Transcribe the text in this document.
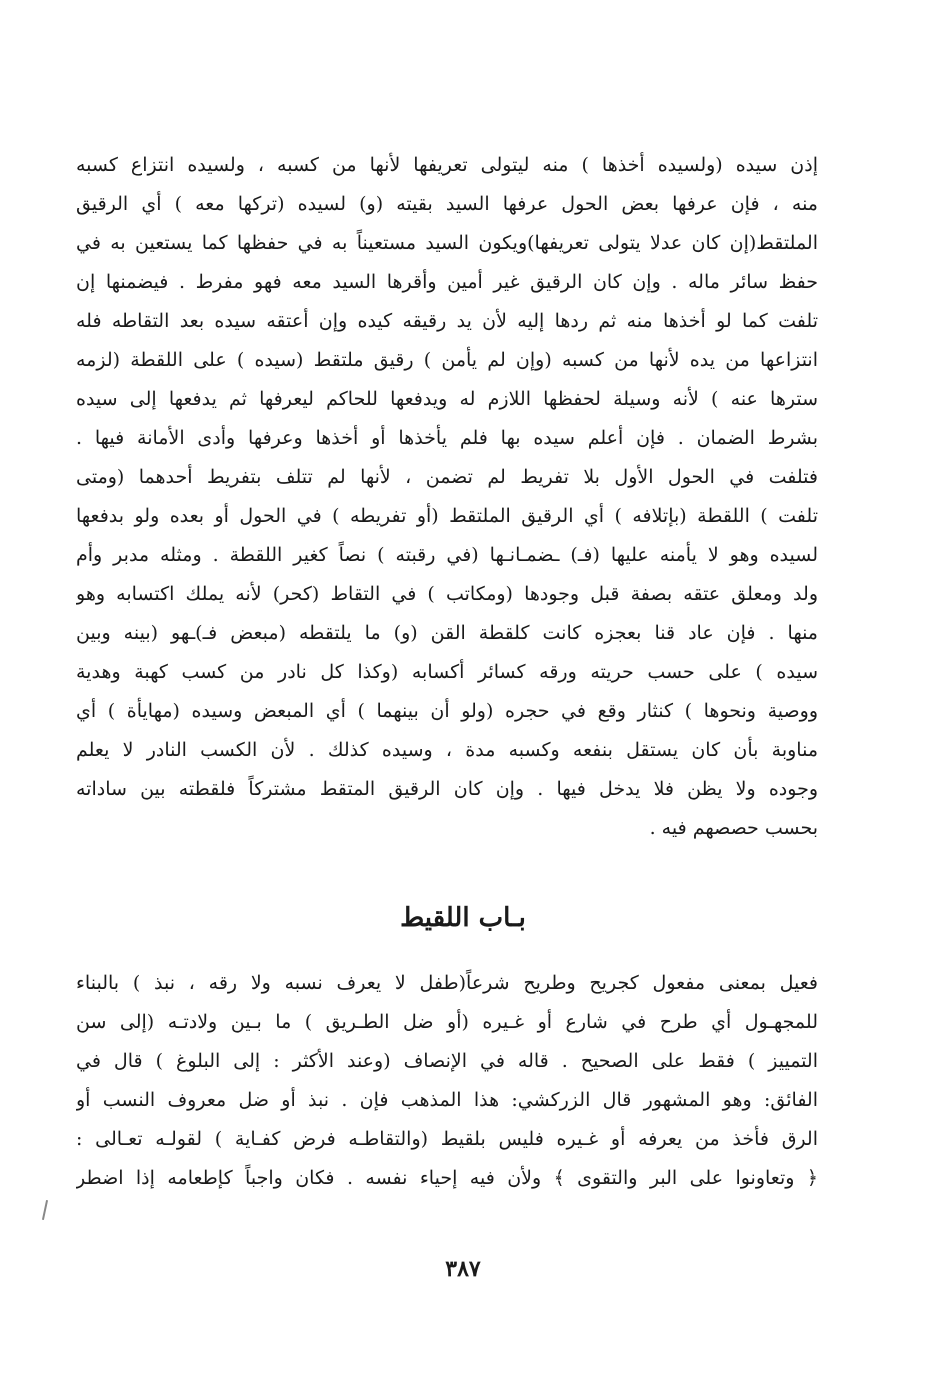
إذن سيده (ولسيده أخذها ) منه ليتولى تعريفها لأنها من كسبه ، ولسيده انتزاع كسبه
منه ، فإن عرفها بعض الحول عرفها السيد بقيته (و) لسيده (تركها معه ) أي الرقيق
الملتقط(إن كان عدلا يتولى تعريفها)ويكون السيد مستعيناً به في حفظها كما يستعين به في
حفظ سائر ماله . وإن كان الرقيق غير أمين وأقرها السيد معه فهو مفرط . فيضمنها إن
تلفت كما لو أخذها منه ثم ردها إليه لأن يد رقيقه كيده وإن أعتقه سيده بعد التقاطه فله
انتزاعها من يده لأنها من كسبه (وإن لم يأمن ) رقيق ملتقط (سيده ) على اللقطة (لزمه
سترها عنه ) لأنه وسيلة لحفظها اللازم له ويدفعها للحاكم ليعرفها ثم يدفعها إلى سيده
بشرط الضمان . فإن أعلم سيده بها فلم يأخذها أو أخذها وعرفها وأدى الأمانة فيها .
فتلفت في الحول الأول بلا تفريط لم تضمن ، لأنها لم تتلف بتفريط أحدهما (ومتى
تلفت ) اللقطة (بإتلافه ) أي الرقيق الملتقط (أو تفريطه ) في الحول أو بعده ولو بدفعها
لسيده وهو لا يأمنه عليها (فـ) ـضمـانـها (في رقبته ) نصاً كغير اللقطة . ومثله مدبر وأم
ولد ومعلق عتقه بصفة قبل وجودها (ومكاتب ) في التقاط (كحر) لأنه يملك اكتسابه وهو
منها . فإن عاد قنا بعجزه كانت كلقطة القن (و) ما يلتقطه (مبعض فـ)ـهو (بينه وبين
سيده ) على حسب حريته ورقه كسائر أكسابه (وكذا كل نادر من كسب كهبة وهدية
ووصية ونحوها ) كنثار وقع في حجره (ولو أن بينهما ) أي المبعض وسيده (مهايأة ) أي
مناوبة بأن كان يستقل بنفعه وكسبه مدة ، وسيده كذلك . لأن الكسب النادر لا يعلم
وجوده ولا يظن فلا يدخل فيها . وإن كان الرقيق المتقط مشتركاً فلقطته بين ساداته
بحسب حصصهم فيه .
بـاب اللقيط
فعيل بمعنى مفعول كجريح وطريح شرعاً(طفل لا يعرف نسبه ولا رقه ، نبذ ) بالبناء
للمجهـول أي طرح في شارع أو غـيره (أو ضل الطـريق ) ما بـين ولادتـه (إلى سن
التمييز ) فقط على الصحيح . قاله في الإنصاف (وعند الأكثر : إلى البلوغ ) قال في
الفائق: وهو المشهور قال الزركشي: هذا المذهب فإن . نبذ أو ضل معروف النسب أو
الرق فأخذ من يعرفه أو غـيره فليس بلقيط (والتقاطـه فرض كفـاية ) لقولـه تعـالى :
﴿ وتعاونوا على البر والتقوى ﴾ ولأن فيه إحياء نفسه . فكان واجباً كإطعامه إذا اضطر
٣٨٧
